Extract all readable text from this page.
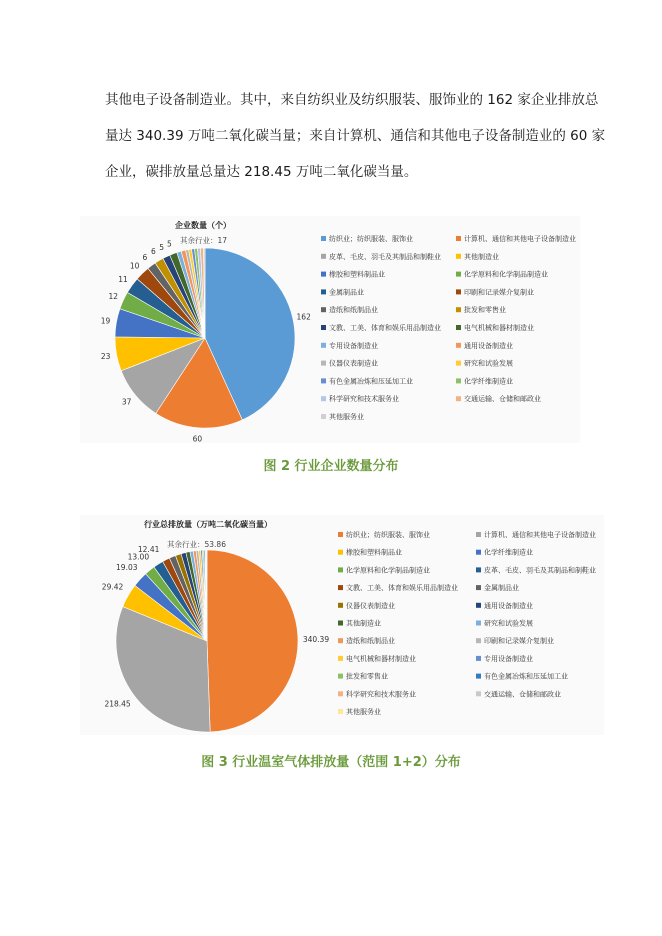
其他电子设备制造业。其中，来自纺织业及纺织服装、服饰业的 162 家企业排放总

量达 340.39 万吨二氧化碳当量；来自计算机、通信和其他电子设备制造业的 60 家

企业，碳排放量总量达 218.45 万吨二氧化碳当量。

企业数量（个）
其余行业：17
162
60
37
23
19
12
11
10
6
6 5 5
纺织业；纺织服装、服饰业	计算机、通信和其他电子设备制造业
皮革、毛皮、羽毛及其制品和制鞋业	其他制造业
橡胶和塑料制品业	化学原料和化学制品制造业
金属制品业	印刷和记录媒介复制业
造纸和纸制品业	批发和零售业
文教、工美、体育和娱乐用品制造业	电气机械和器材制造业
专用设备制造业	通用设备制造业
仪器仪表制造业	研究和试验发展
有色金属冶炼和压延加工业	化学纤维制造业
科学研究和技术服务业	交通运输、仓储和邮政业
其他服务业
图 2 行业企业数量分布
行业总排放量（万吨二氧化碳当量）
其余行业：53.86
340.39
218.45
29.42
19.03
13.00
12.41
纺织业；纺织服装、服饰业	计算机、通信和其他电子设备制造业
橡胶和塑料制品业	化学纤维制造业
化学原料和化学制品制造业	皮革、毛皮、羽毛及其制品和制鞋业
文教、工美、体育和娱乐用品制造业	金属制品业
仪器仪表制造业	通用设备制造业
其他制造业	研究和试验发展
造纸和纸制品业	印刷和记录媒介复制业
电气机械和器材制造业	专用设备制造业
批发和零售业	有色金属冶炼和压延加工业
科学研究和技术服务业	交通运输、仓储和邮政业
其他服务业
图 3 行业温室气体排放量（范围 1+2）分布
